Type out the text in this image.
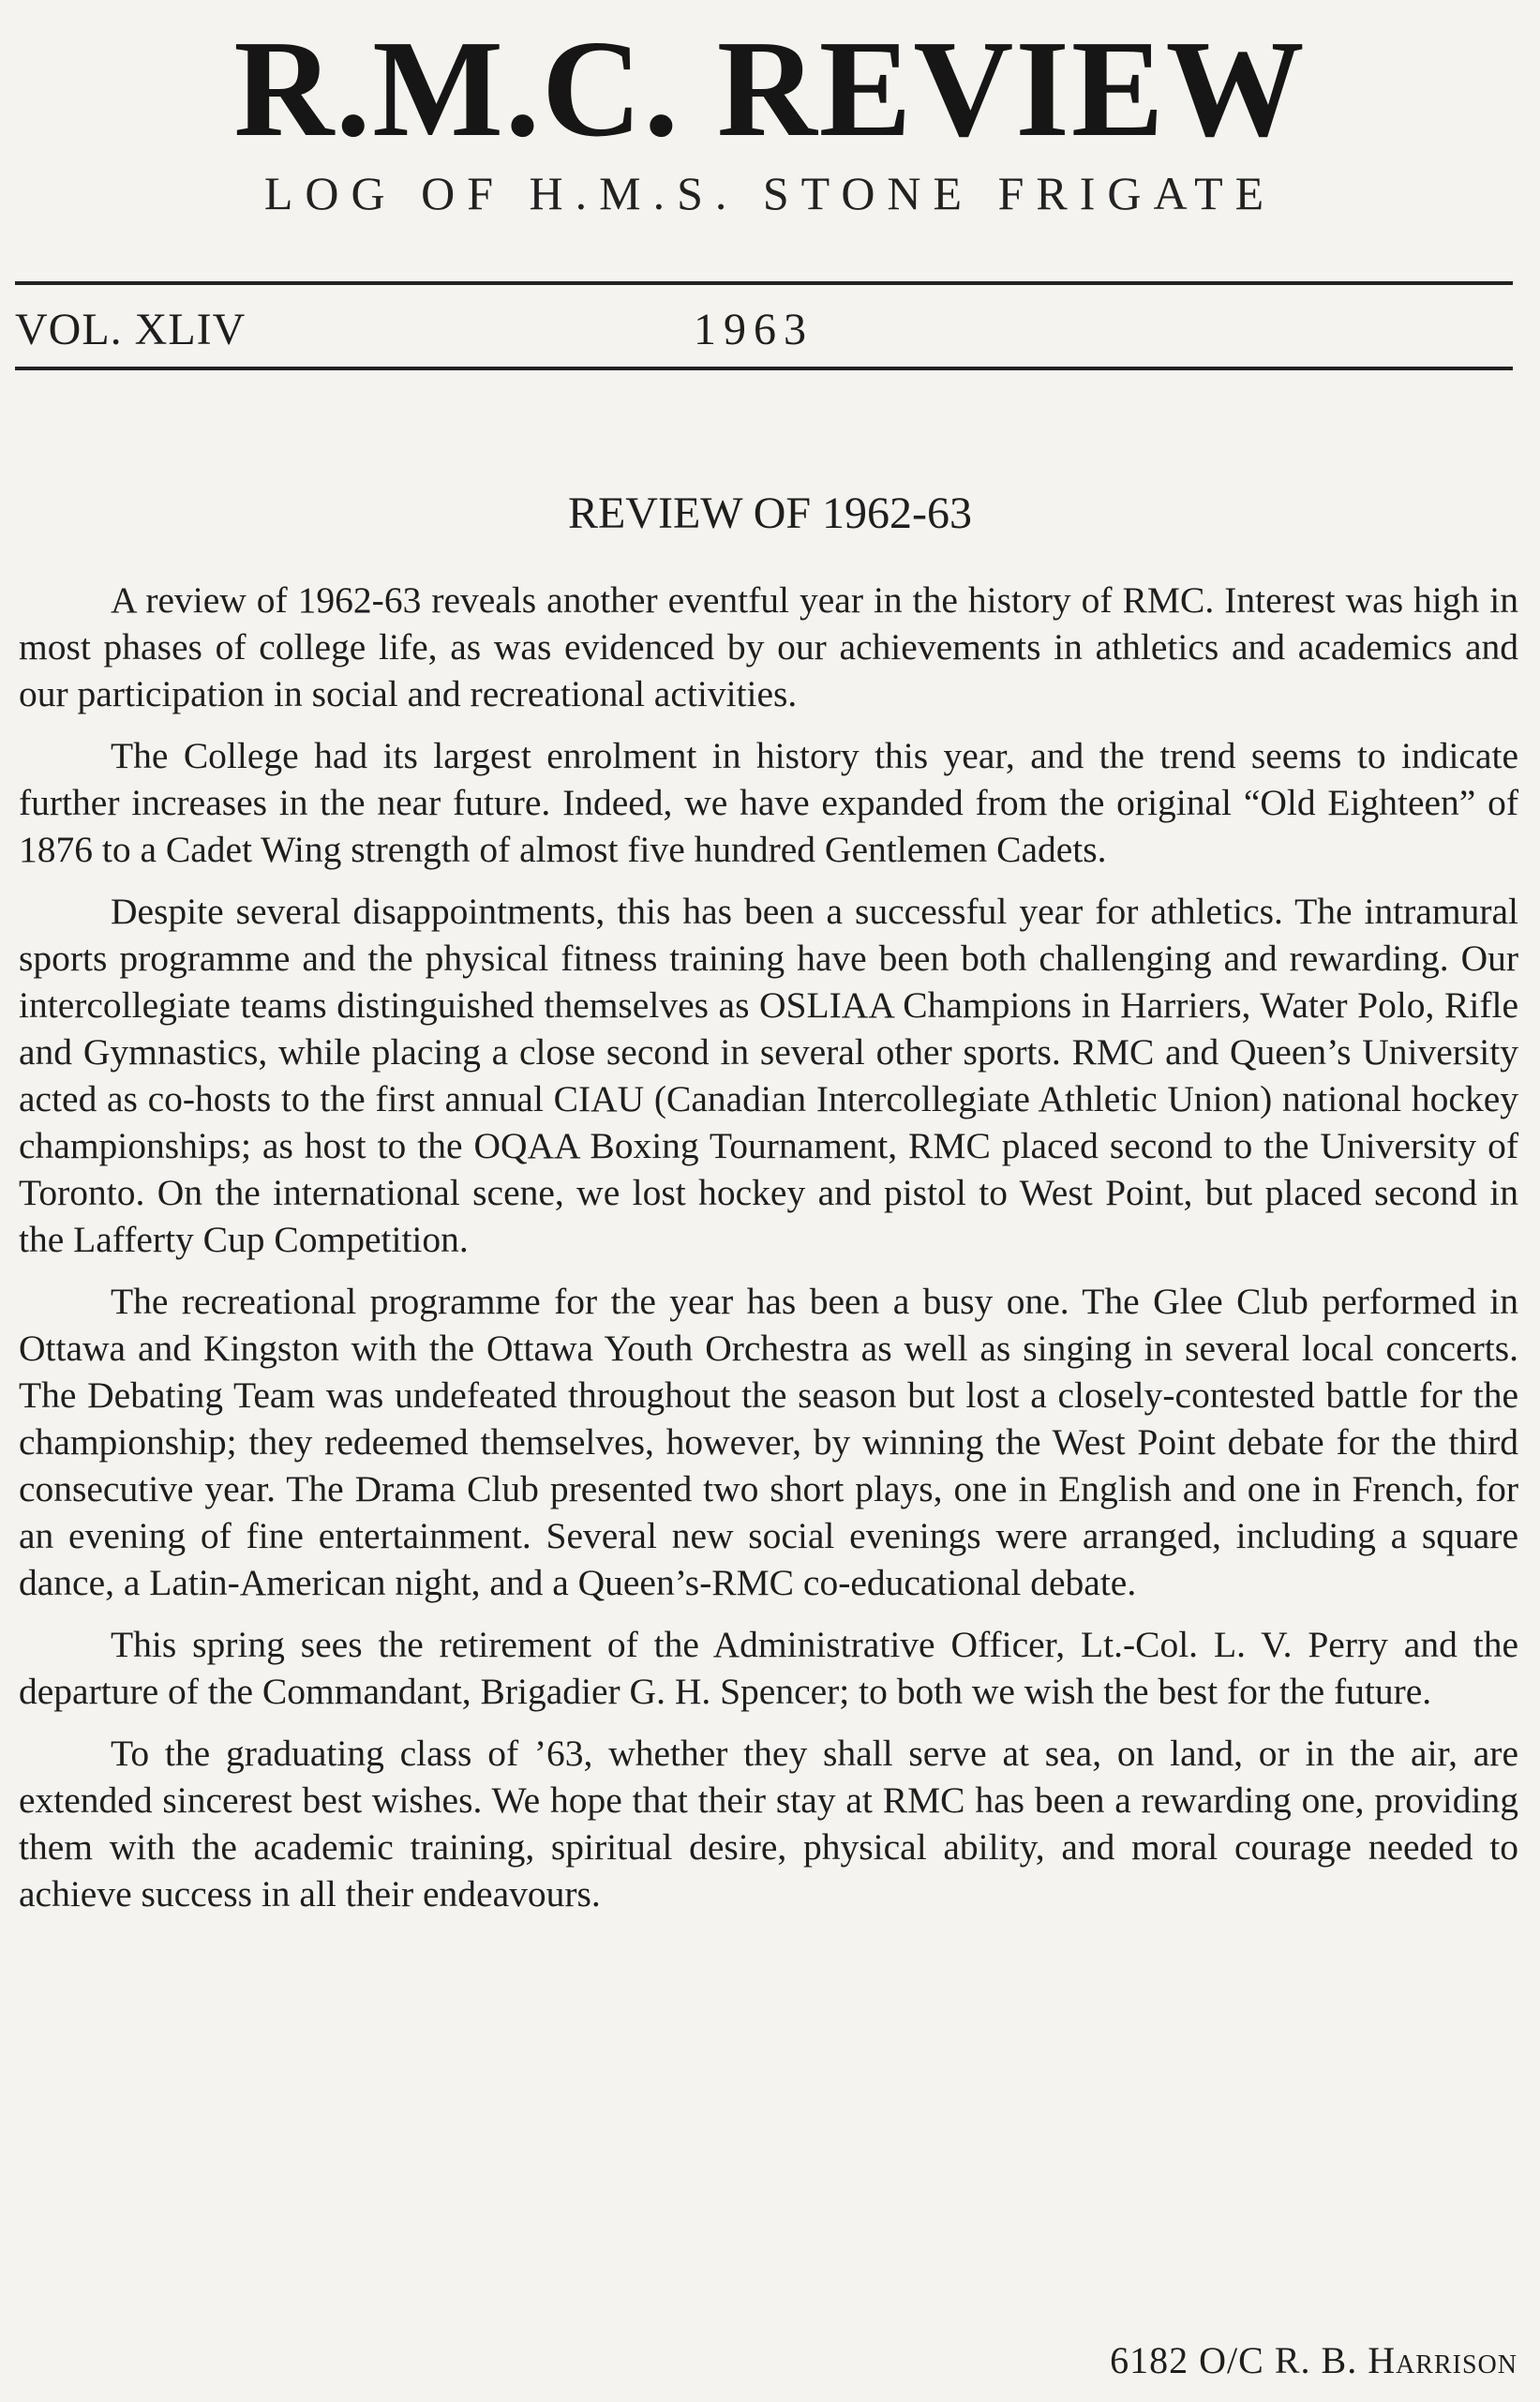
R.M.C. REVIEW
LOG OF H.M.S. STONE FRIGATE
VOL. XLIV	1963
REVIEW OF 1962-63

A review of 1962-63 reveals another eventful year in the history of RMC. Interest was high in most phases of college life, as was evidenced by our achievements in athletics and academics and our participation in social and recreational activities.

The College had its largest enrolment in history this year, and the trend seems to indicate further increases in the near future. Indeed, we have expanded from the original “Old Eighteen” of 1876 to a Cadet Wing strength of almost five hundred Gentlemen Cadets.

Despite several disappointments, this has been a successful year for athletics. The intramural sports programme and the physical fitness training have been both challenging and rewarding. Our intercollegiate teams distinguished themselves as OSLIAA Champions in Harriers, Water Polo, Rifle and Gymnastics, while placing a close second in several other sports. RMC and Queen’s University acted as co-hosts to the first annual CIAU (Canadian Intercollegiate Athletic Union) national hockey championships; as host to the OQAA Boxing Tournament, RMC placed second to the University of Toronto. On the international scene, we lost hockey and pistol to West Point, but placed second in the Lafferty Cup Competition.

The recreational programme for the year has been a busy one. The Glee Club performed in Ottawa and Kingston with the Ottawa Youth Orchestra as well as singing in several local concerts. The Debating Team was undefeated throughout the season but lost a closely-contested battle for the championship; they redeemed themselves, however, by winning the West Point debate for the third consecutive year. The Drama Club presented two short plays, one in English and one in French, for an evening of fine entertainment. Several new social evenings were arranged, including a square dance, a Latin-American night, and a Queen’s-RMC co-educational debate.

This spring sees the retirement of the Administrative Officer, Lt.-Col. L. V. Perry and the departure of the Commandant, Brigadier G. H. Spencer; to both we wish the best for the future.

To the graduating class of ’63, whether they shall serve at sea, on land, or in the air, are extended sincerest best wishes. We hope that their stay at RMC has been a rewarding one, providing them with the academic training, spiritual desire, physical ability, and moral courage needed to achieve success in all their endeavours.

6182 O/C R. B. Harrison
